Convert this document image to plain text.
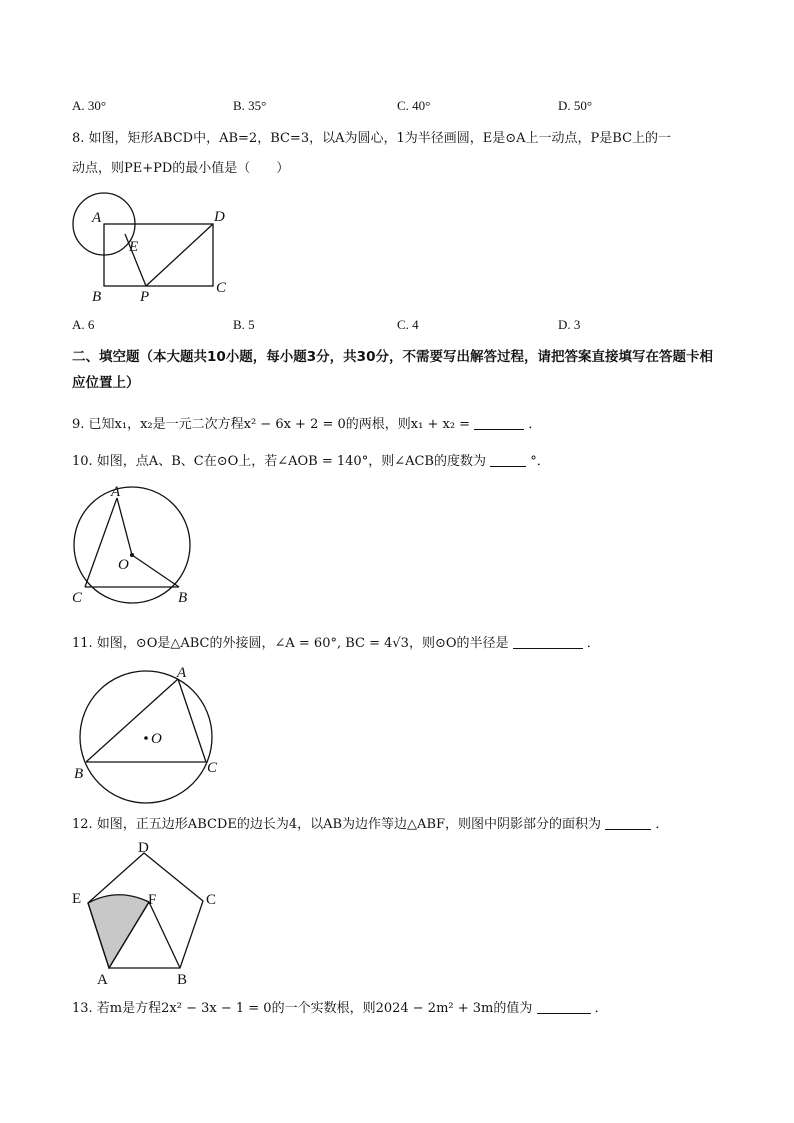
A. 30°	B. 35°	C. 40°	D. 50°
8. 如图，矩形ABCD中，AB=2，BC=3，以A为圆心，1为半径画圆，E是⊙A上一动点，P是BC上的一
动点，则PE+PD的最小值是（　　）
A	D
E
B	P
C
A. 6	B. 5	C. 4	D. 3
二、填空题（本大题共10小题，每小题3分，共30分，不需要写出解答过程，请把答案直接填写在答题卡相应位置上）
9. 已知x₁，x₂是一元二次方程x² − 6x + 2 = 0的两根，则x₁ + x₂ =	．
10. 如图，点A、B、C在⊙O上，若∠AOB = 140°，则∠ACB的度数为	°．
A
O
C	B
11. 如图，⊙O是△ABC的外接圆，∠A = 60°, BC = 4√3，则⊙O的半径是	．
A
O
B	C
12. 如图，正五边形ABCDE的边长为4，以AB为边作等边△ABF，则图中阴影部分的面积为	．
D
E	F	C
A	B
13. 若m是方程2x² − 3x − 1 = 0的一个实数根，则2024 − 2m² + 3m的值为	．
